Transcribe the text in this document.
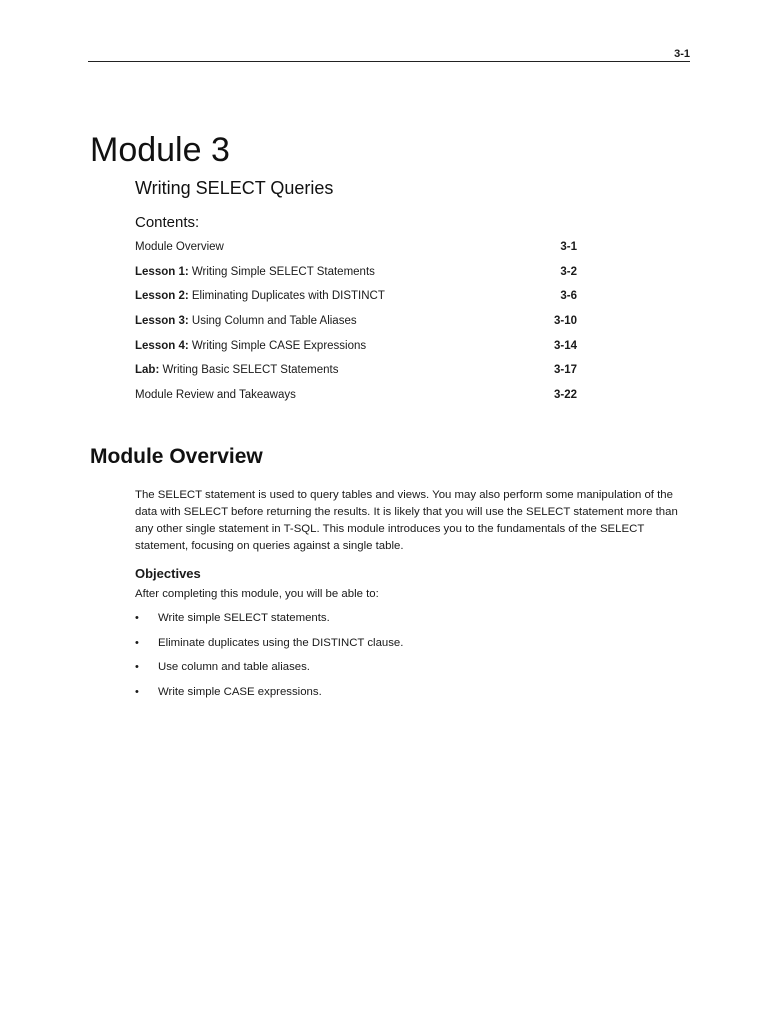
3-1
Module 3
Writing SELECT Queries
Contents:
Module Overview	3-1
Lesson 1: Writing Simple SELECT Statements	3-2
Lesson 2: Eliminating Duplicates with DISTINCT	3-6
Lesson 3: Using Column and Table Aliases	3-10
Lesson 4: Writing Simple CASE Expressions	3-14
Lab: Writing Basic SELECT Statements	3-17
Module Review and Takeaways	3-22
Module Overview

The SELECT statement is used to query tables and views. You may also perform some manipulation of the data with SELECT before returning the results. It is likely that you will use the SELECT statement more than any other single statement in T-SQL. This module introduces you to the fundamentals of the SELECT statement, focusing on queries against a single table.

Objectives

After completing this module, you will be able to:

•	Write simple SELECT statements.
•	Eliminate duplicates using the DISTINCT clause.
•	Use column and table aliases.
•	Write simple CASE expressions.
